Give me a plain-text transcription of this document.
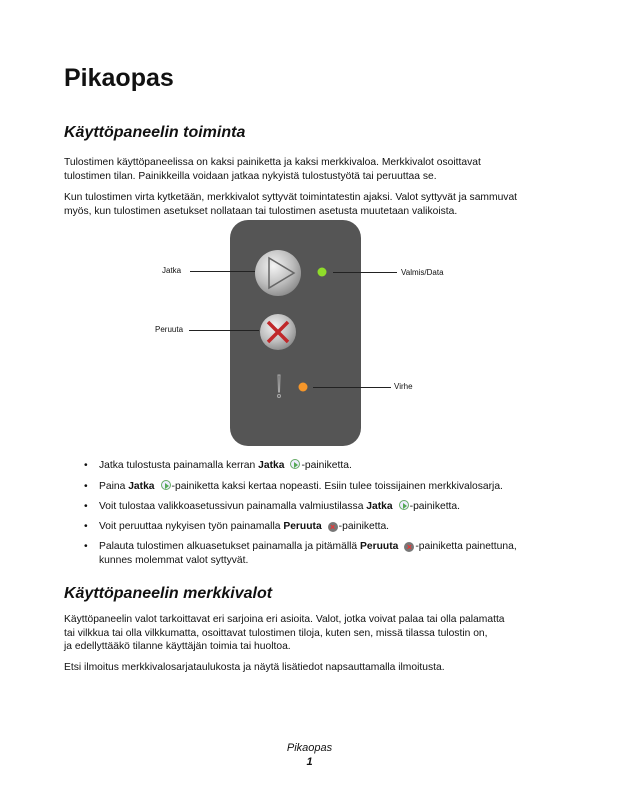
Pikaopas
Käyttöpaneelin toiminta
Tulostimen käyttöpaneelissa on kaksi painiketta ja kaksi merkkivaloa. Merkkivalot osoittavat
tulostimen tilan. Painikkeilla voidaan jatkaa nykyistä tulostustyötä tai peruuttaa se.
Kun tulostimen virta kytketään, merkkivalot syttyvät toimintatestin ajaksi. Valot syttyvät ja sammuvat
myös, kun tulostimen asetukset nollataan tai tulostimen asetusta muutetaan valikoista.
Jatka
Peruuta
Valmis/Data
Virhe
• Jatka tulostusta painamalla kerran Jatka -painiketta.
• Paina Jatka -painiketta kaksi kertaa nopeasti. Esiin tulee toissijainen merkkivalosarja.
• Voit tulostaa valikkoasetussivun painamalla valmiustilassa Jatka -painiketta.
• Voit peruuttaa nykyisen työn painamalla Peruuta × -painiketta.
• Palauta tulostimen alkuasetukset painamalla ja pitämällä Peruuta × -painiketta painettuna,
kunnes molemmat valot syttyvät.
Käyttöpaneelin merkkivalot
Käyttöpaneelin valot tarkoittavat eri sarjoina eri asioita. Valot, jotka voivat palaa tai olla palamatta
tai vilkkua tai olla vilkkumatta, osoittavat tulostimen tiloja, kuten sen, missä tilassa tulostin on,
ja edellyttääkö tilanne käyttäjän toimia tai huoltoa.
Etsi ilmoitus merkkivalosarjataulukosta ja näytä lisätiedot napsauttamalla ilmoitusta.
Pikaopas
1
